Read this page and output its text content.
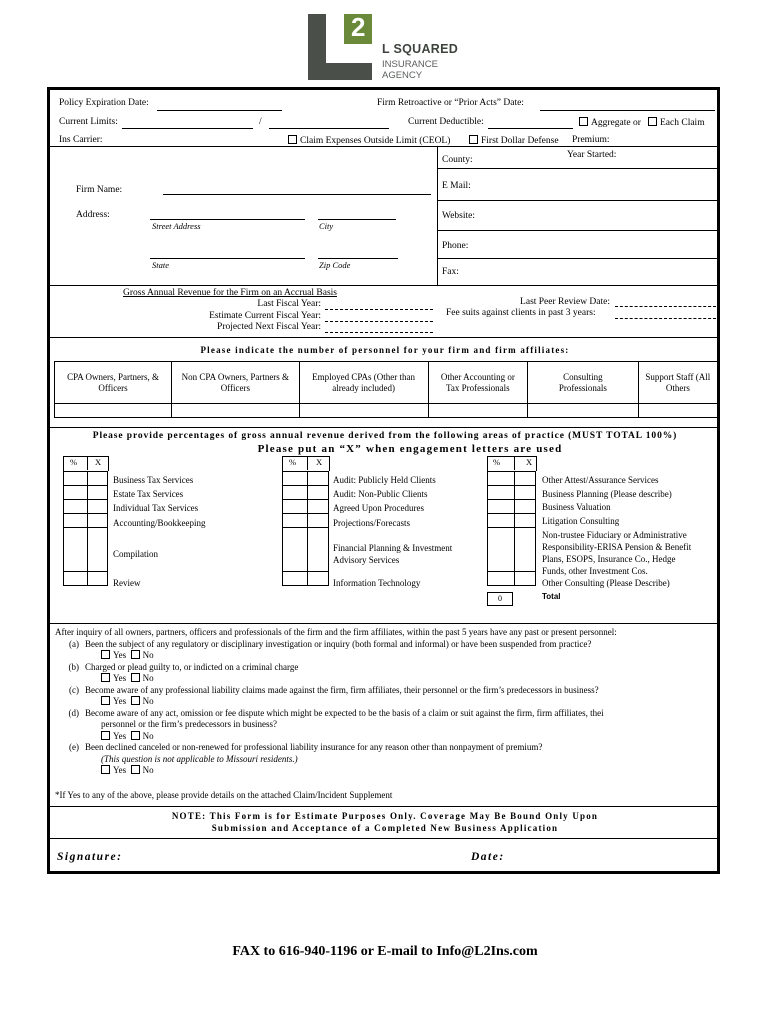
2
L SQUARED
INSURANCE
AGENCY
Policy Expiration Date:	Firm Retroactive or “Prior Acts” Date:
Current Limits:	/	Current Deductible:	Aggregate or	Each Claim
Ins Carrier:	Claim Expenses Outside Limit (CEOL)	First Dollar Defense Premium:
County:	Year Started:
E Mail:
Website:
Phone:
Fax:
Firm Name:
Address:
Street Address	City
State	Zip Code
Gross Annual Revenue for the Firm on an Accrual Basis
Last Fiscal Year:
Estimate Current Fiscal Year:
Projected Next Fiscal Year:
Last Peer Review Date:
Fee suits against clients in past 3 years:
Please indicate the number of personnel for your firm and firm affiliates:
CPA Owners, Partners, & Officers	Non CPA Owners, Partners & Officers	Employed CPAs (Other than already included)	Other Accounting or Tax Professionals	Consulting Professionals	Support Staff (All Others

Please provide percentages of gross annual revenue derived from the following areas of practice (MUST TOTAL 100%)
Please put an “X” when engagement letters are used
% X	% X	%	X

0
Business Tax Services
Estate Tax Services
Individual Tax Services
Accounting/Bookkeeping
Compilation
Review
Audit: Publicly Held Clients
Audit: Non-Public Clients
Agreed Upon Procedures
Projections/Forecasts
Financial Planning & Investment
Advisory Services
Information Technology
Other Attest/Assurance Services
Business Planning (Please describe)
Business Valuation
Litigation Consulting
Non-trustee Fiduciary or Administrative
Responsibility-ERISA Pension & Benefit
Plans, ESOPS, Insurance Co., Hedge
Funds, other Investment Cos.
Other Consulting (Please Describe)
Total
After inquiry of all owners, partners, officers and professionals of the firm and the firm affiliates, within the past 5 years have any past or present personnel:
(a) Been the subject of any regulatory or disciplinary investigation or inquiry (both formal and informal) or have been suspended from practice?
Yes No
(b) Charged or plead guilty to, or indicted on a criminal charge
Yes No
(c) Become aware of any professional liability claims made against the firm, firm affiliates, their personnel or the firm’s predecessors in business?
Yes No
(d) Become aware of any act, omission or fee dispute which might be expected to be the basis of a claim or suit against the firm, firm affiliates, thei
personnel or the firm’s predecessors in business?
Yes No
(e) Been declined canceled or non-renewed for professional liability insurance for any reason other than nonpayment of premium?
(This question is not applicable to Missouri residents.)
Yes No
*If Yes to any of the above, please provide details on the attached Claim/Incident Supplement
NOTE: This Form is for Estimate Purposes Only. Coverage May Be Bound Only Upon
Submission and Acceptance of a Completed New Business Application
Signature:	Date:
FAX to 616-940-1196 or E-mail to Info@L2Ins.com
